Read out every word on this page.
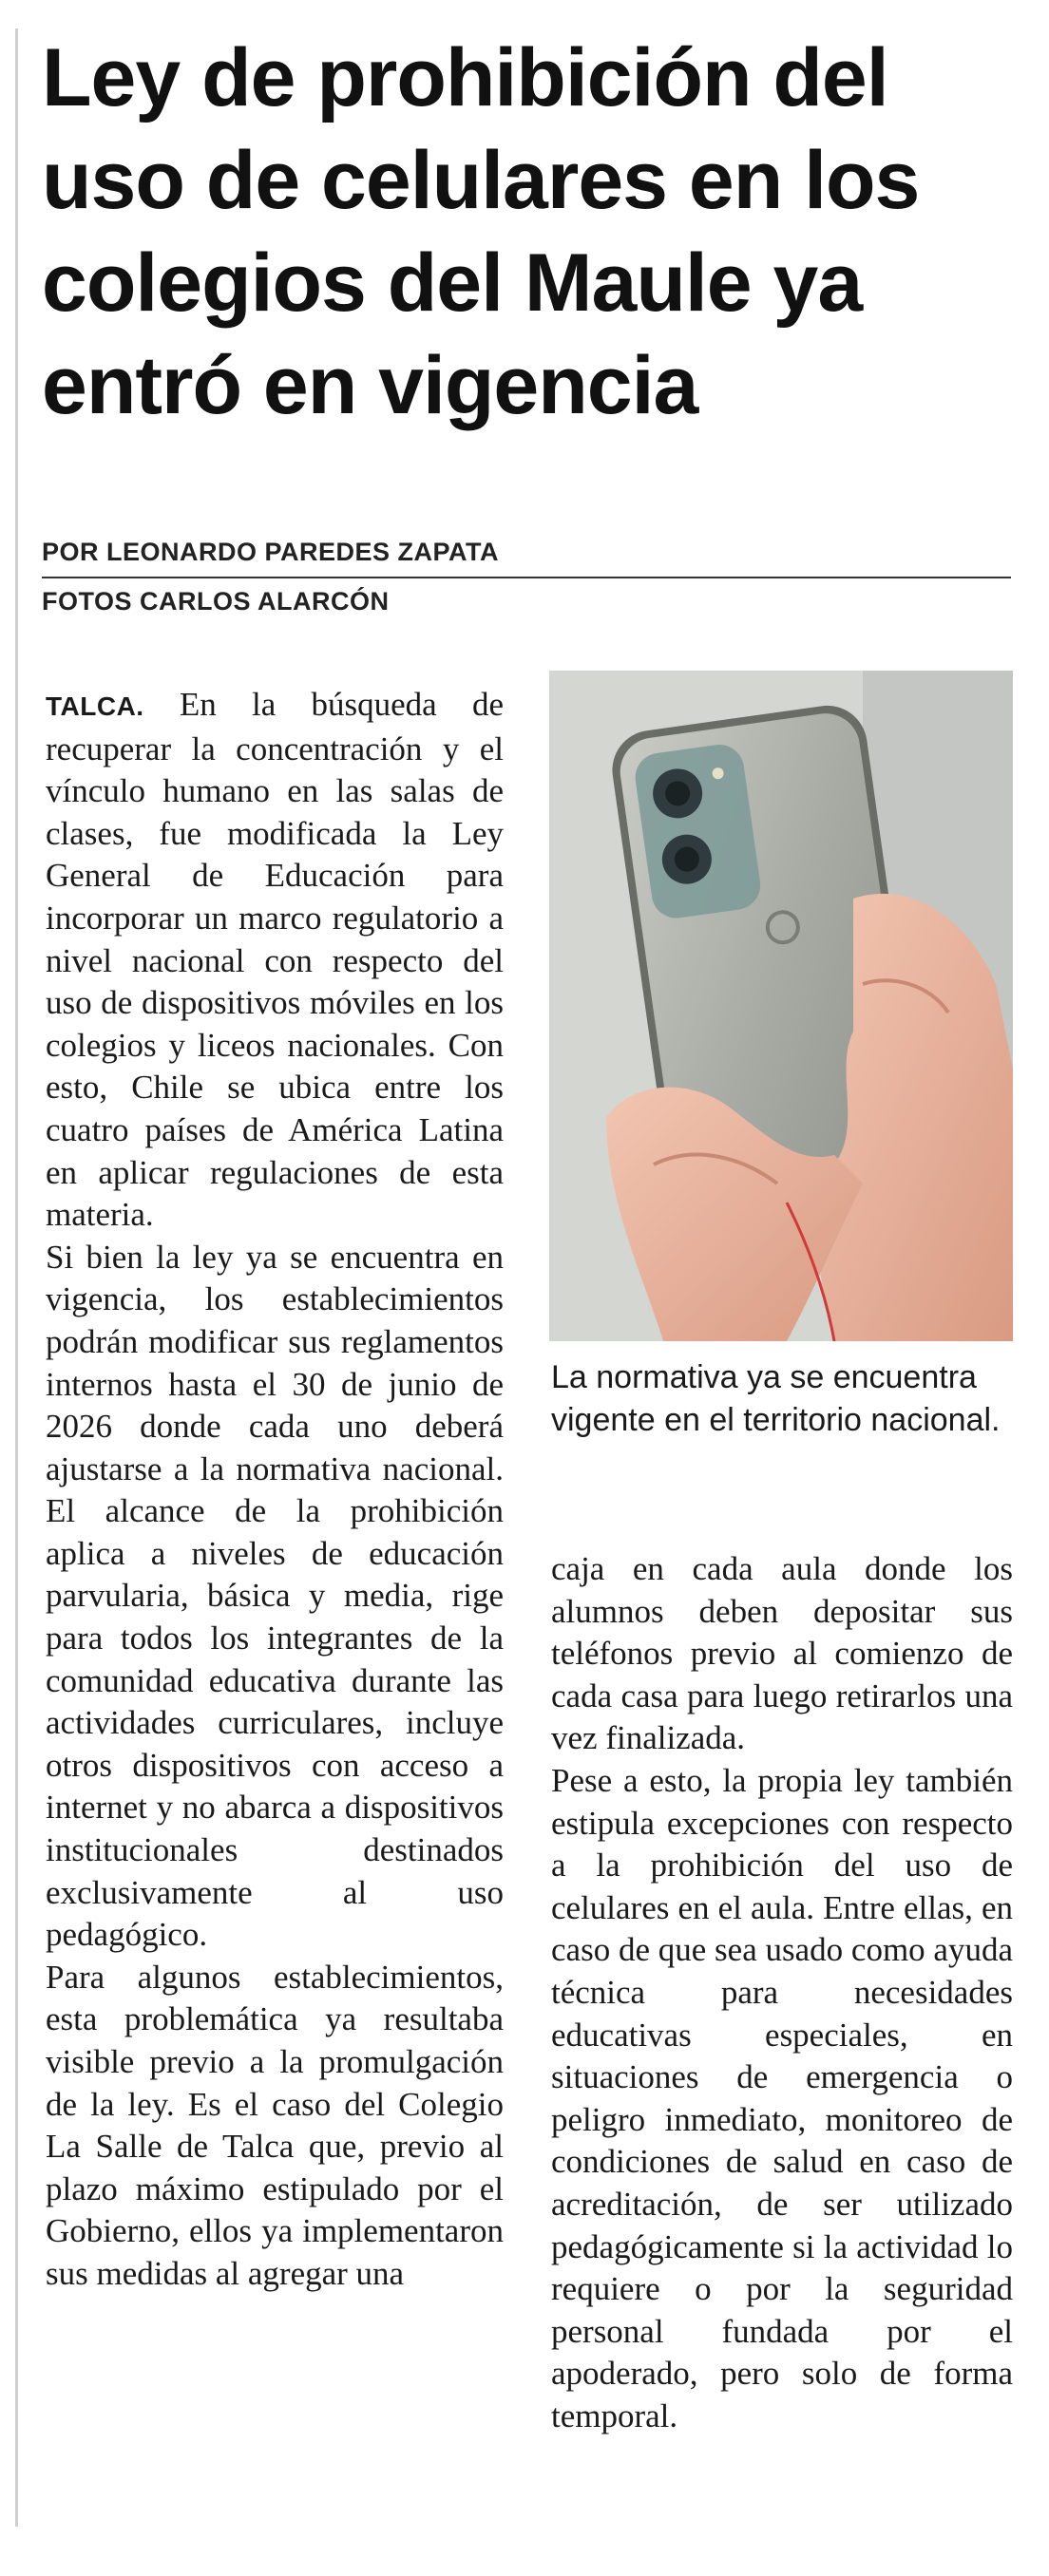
Ley de prohibición del uso de celulares en los colegios del Maule ya entró en vigencia
POR LEONARDO PAREDES ZAPATA
FOTOS CARLOS ALARCÓN

TALCA. En la búsqueda de recuperar la concentración y el vínculo humano en las salas de clases, fue modificada la Ley General de Educación para incorporar un marco regulatorio a nivel nacional con respecto del uso de dispositivos móviles en los colegios y liceos nacionales. Con esto, Chile se ubica entre los cuatro países de América Latina en aplicar regulaciones de esta materia.

Si bien la ley ya se encuentra en vigencia, los establecimientos podrán modificar sus reglamentos internos hasta el 30 de junio de 2026 donde cada uno deberá ajustarse a la normativa nacional. El alcance de la prohibición aplica a niveles de educación parvularia, básica y media, rige para todos los integrantes de la comunidad educativa durante las actividades curriculares, incluye otros dispositivos con acceso a internet y no abarca a dispositivos institucionales destinados exclusivamente al uso pedagógico.

Para algunos establecimientos, esta problemática ya resultaba visible previo a la promulgación de la ley. Es el caso del Colegio La Salle de Talca que, previo al plazo máximo estipulado por el Gobierno, ellos ya implementaron sus medidas al agregar una

La normativa ya se encuentra vigente en el territorio nacional.

caja en cada aula donde los alumnos deben depositar sus teléfonos previo al comienzo de cada casa para luego retirarlos una vez finalizada.

Pese a esto, la propia ley también estipula excepciones con respecto a la prohibición del uso de celulares en el aula. Entre ellas, en caso de que sea usado como ayuda técnica para necesidades educativas especiales, en situaciones de emergencia o peligro inmediato, monitoreo de condiciones de salud en caso de acreditación, de ser utilizado pedagógicamente si la actividad lo requiere o por la seguridad personal fundada por el apoderado, pero solo de forma temporal.
